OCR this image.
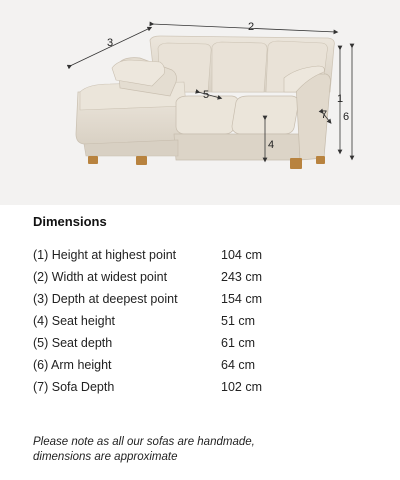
1
2
3
4
5
6
7
Dimensions
(1) Height at highest point	104 cm
(2) Width at widest point	243 cm
(3) Depth at deepest point	154 cm
(4) Seat height	51 cm
(5) Seat depth	61 cm
(6) Arm height	64 cm
(7) Sofa Depth	102 cm
Please note as all our sofas are handmade,
dimensions are approximate
